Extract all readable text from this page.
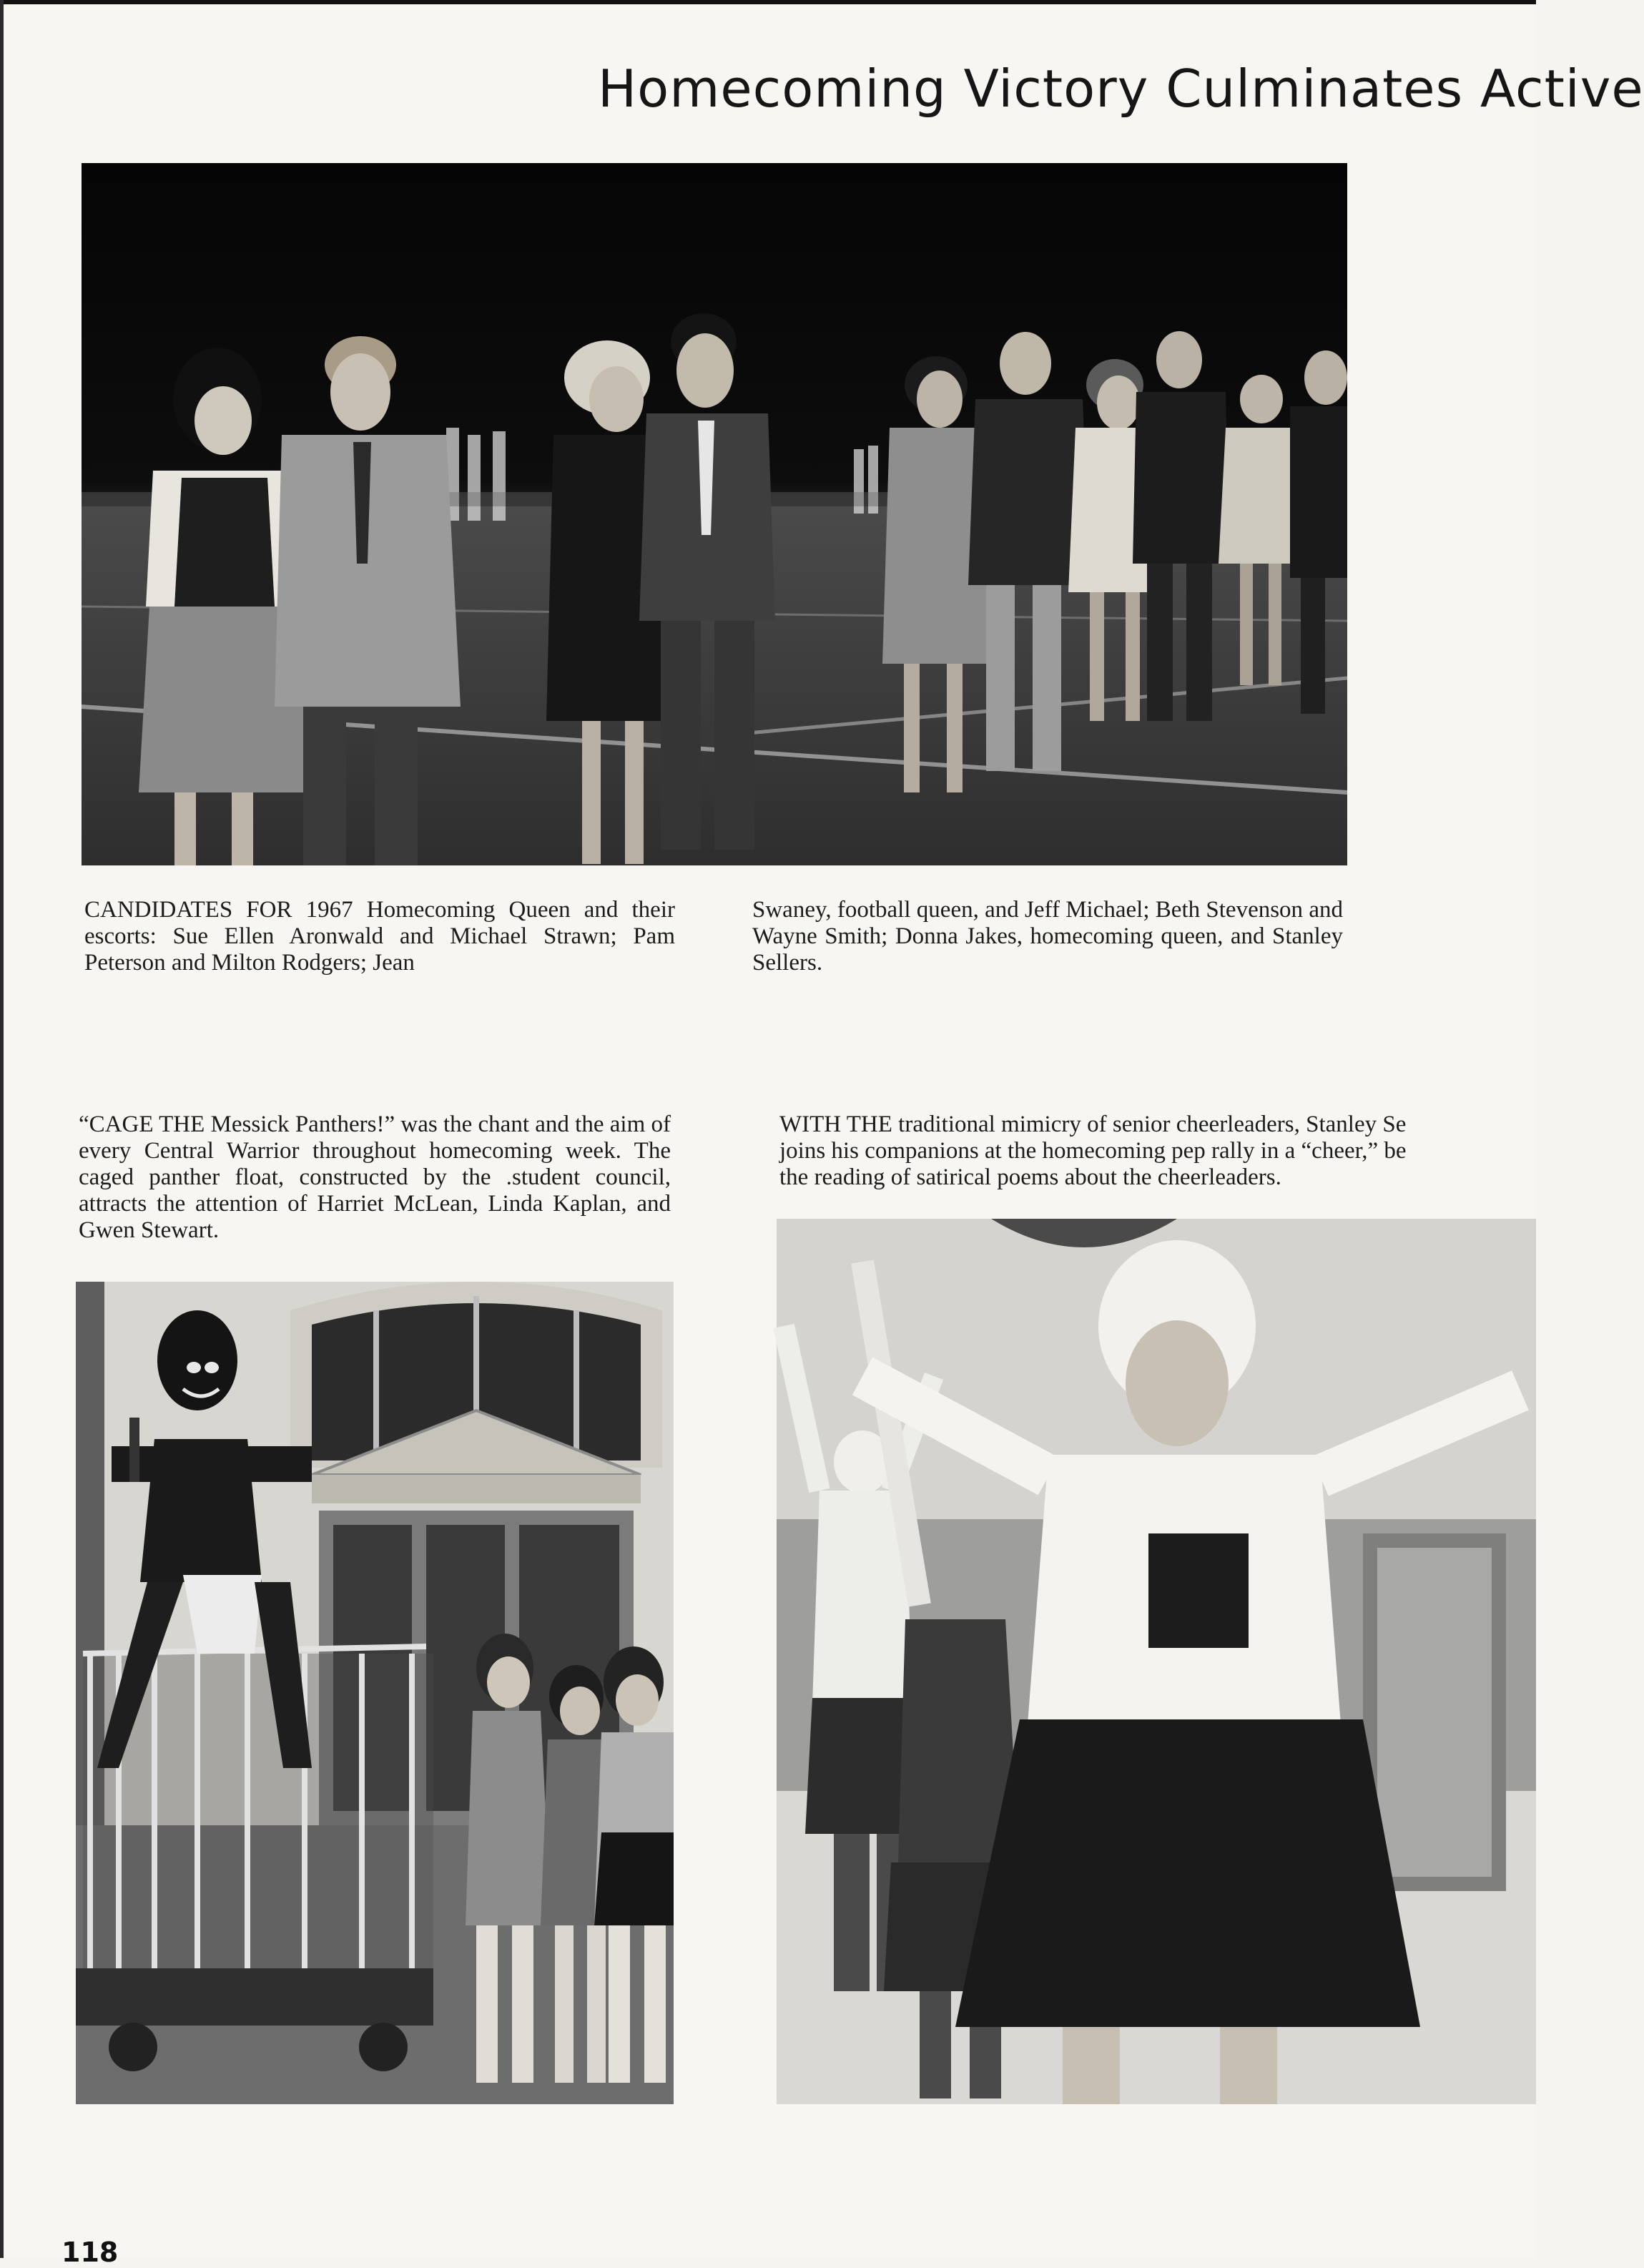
Homecoming Victory Culminates Active
CANDIDATES FOR 1967 Homecoming Queen and their escorts: Sue Ellen Aronwald and Michael Strawn; Pam Peterson and Milton Rodgers; Jean
Swaney, football queen, and Jeff Michael; Beth Stevenson and Wayne Smith; Donna Jakes, homecoming queen, and Stanley Sellers.
“CAGE THE Messick Panthers!” was the chant and the aim of every Central Warrior throughout homecoming week. The caged panther float, constructed by the .student council, attracts the attention of Harriet McLean, Linda Kaplan, and Gwen Stewart.
WITH THE traditional mimicry of senior cheerleaders, Stanley Se
joins his companions at the homecoming pep rally in a “cheer,” be
the reading of satirical poems about the cheerleaders.
118
